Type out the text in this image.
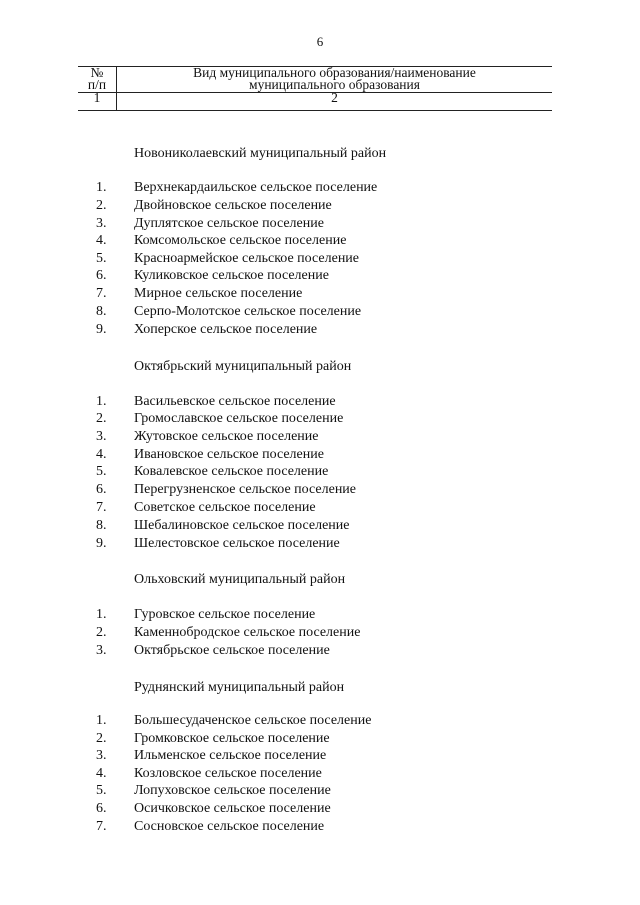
6
№
п/п
Вид муниципального образования/наименование
муниципального образования
1	2
Новониколаевский муниципальный район
1. Верхнекардаильское сельское поселение
2. Двойновское сельское поселение
3. Дуплятское сельское поселение
4. Комсомольское сельское поселение
5. Красноармейское сельское поселение
6. Куликовское сельское поселение
7. Мирное сельское поселение
8. Серпо-Молотское сельское поселение
9. Хоперское сельское поселение
Октябрьский муниципальный район
1. Васильевское сельское поселение
2. Громославское сельское поселение
3. Жутовское сельское поселение
4. Ивановское сельское поселение
5. Ковалевское сельское поселение
6. Перегрузненское сельское поселение
7. Советское сельское поселение
8. Шебалиновское сельское поселение
9. Шелестовское сельское поселение
Ольховский муниципальный район
1. Гуровское сельское поселение
2. Каменнобродское сельское поселение
3. Октябрьское сельское поселение
Руднянский муниципальный район
1. Большесудаченское сельское поселение
2. Громковское сельское поселение
3. Ильменское сельское поселение
4. Козловское сельское поселение
5. Лопуховское сельское поселение
6. Осичковское сельское поселение
7. Сосновское сельское поселение
